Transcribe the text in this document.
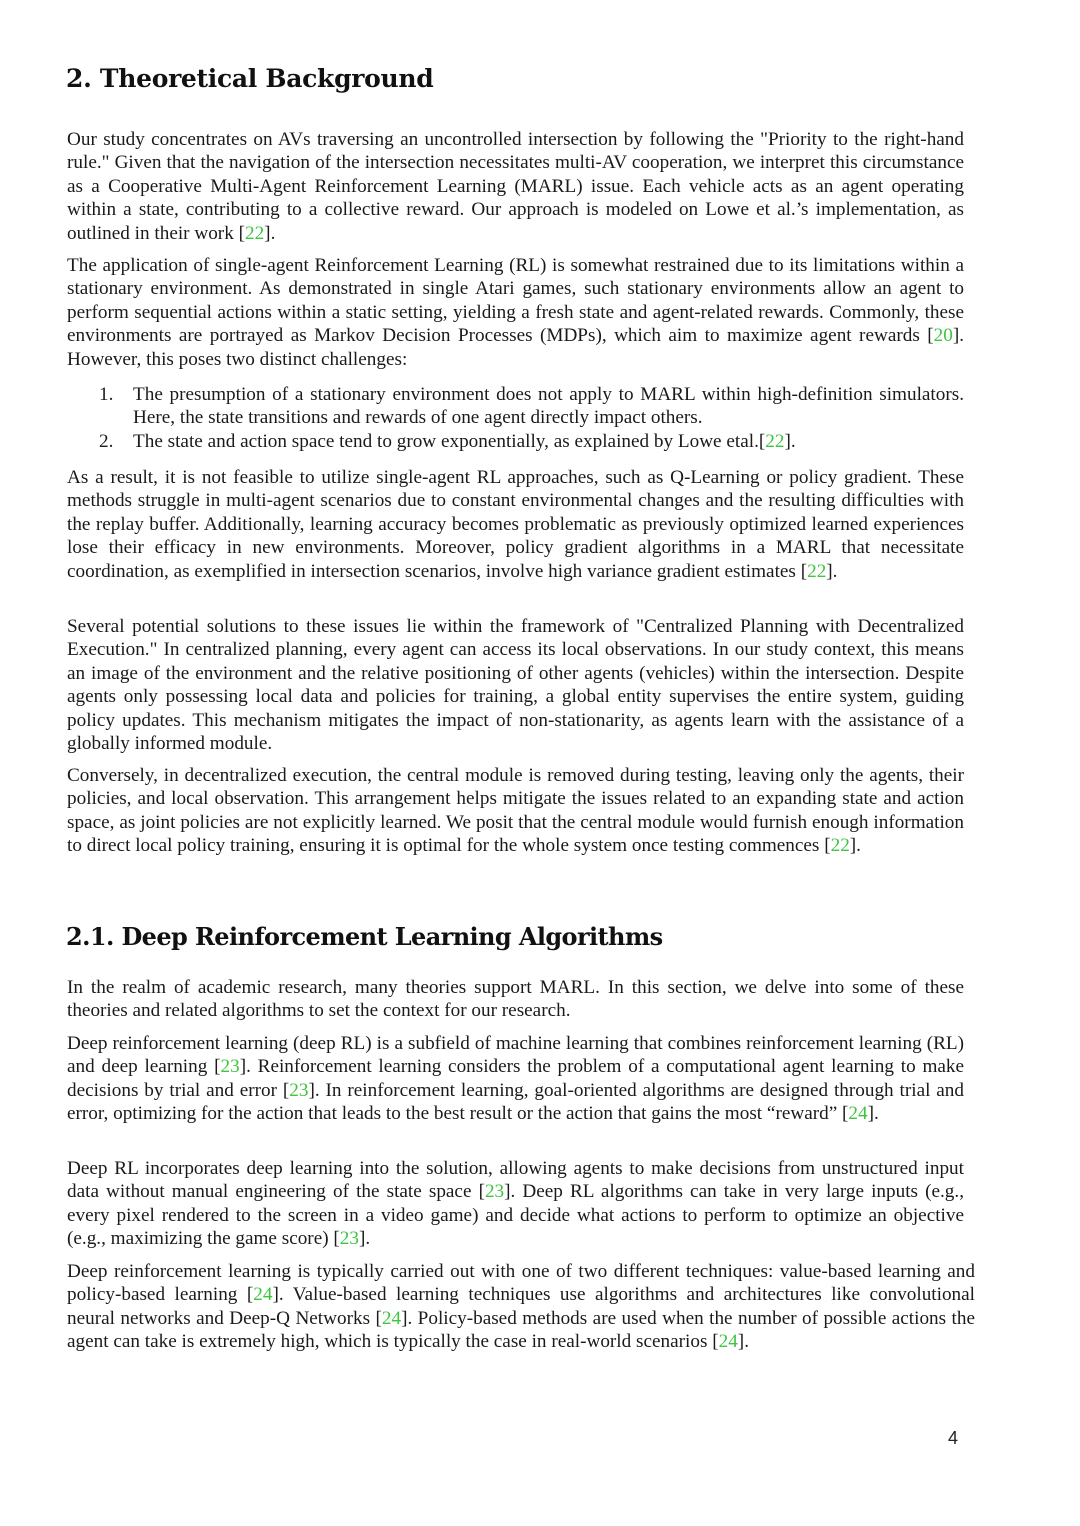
2. Theoretical Background

Our study concentrates on AVs traversing an uncontrolled intersection by following the "Priority to the right-hand rule." Given that the navigation of the intersection necessitates multi-AV cooperation, we interpret this circumstance as a Cooperative Multi-Agent Reinforcement Learning (MARL) issue. Each vehicle acts as an agent operating within a state, contributing to a collective reward. Our approach is modeled on Lowe et al.’s implementation, as outlined in their work [22].

The application of single-agent Reinforcement Learning (RL) is somewhat restrained due to its limitations within a stationary environment. As demonstrated in single Atari games, such stationary environments allow an agent to perform sequential actions within a static setting, yielding a fresh state and agent-related rewards. Commonly, these environments are portrayed as Markov Decision Processes (MDPs), which aim to maximize agent rewards [20]. However, this poses two distinct challenges:

1. The presumption of a stationary environment does not apply to MARL within high-definition simulators. Here, the state transitions and rewards of one agent directly impact others.
2. The state and action space tend to grow exponentially, as explained by Lowe etal.[22].

As a result, it is not feasible to utilize single-agent RL approaches, such as Q-Learning or policy gradient. These methods struggle in multi-agent scenarios due to constant environmental changes and the resulting difficulties with the replay buffer. Additionally, learning accuracy becomes problematic as previously optimized learned experiences lose their efficacy in new environments. Moreover, policy gradient algorithms in a MARL that necessitate coordination, as exemplified in intersection scenarios, involve high variance gradient estimates [22].

Several potential solutions to these issues lie within the framework of "Centralized Planning with Decentralized Execution." In centralized planning, every agent can access its local observations. In our study context, this means an image of the environment and the relative positioning of other agents (vehicles) within the intersection. Despite agents only possessing local data and policies for training, a global entity supervises the entire system, guiding policy updates. This mechanism mitigates the impact of non-stationarity, as agents learn with the assistance of a globally informed module.

Conversely, in decentralized execution, the central module is removed during testing, leaving only the agents, their policies, and local observation. This arrangement helps mitigate the issues related to an expanding state and action space, as joint policies are not explicitly learned. We posit that the central module would furnish enough information to direct local policy training, ensuring it is optimal for the whole system once testing commences [22].

2.1. Deep Reinforcement Learning Algorithms

In the realm of academic research, many theories support MARL. In this section, we delve into some of these theories and related algorithms to set the context for our research.

Deep reinforcement learning (deep RL) is a subfield of machine learning that combines reinforcement learning (RL) and deep learning [23]. Reinforcement learning considers the problem of a computational agent learning to make decisions by trial and error [23]. In reinforcement learning, goal-oriented algorithms are designed through trial and error, optimizing for the action that leads to the best result or the action that gains the most “reward” [24].

Deep RL incorporates deep learning into the solution, allowing agents to make decisions from unstructured input data without manual engineering of the state space [23]. Deep RL algorithms can take in very large inputs (e.g., every pixel rendered to the screen in a video game) and decide what actions to perform to optimize an objective (e.g., maximizing the game score) [23].

Deep reinforcement learning is typically carried out with one of two different techniques: value-based learning and policy-based learning [24]. Value-based learning techniques use algorithms and architectures like convolutional neural networks and Deep-Q Networks [24]. Policy-based methods are used when the number of possible actions the agent can take is extremely high, which is typically the case in real-world scenarios [24].

4
